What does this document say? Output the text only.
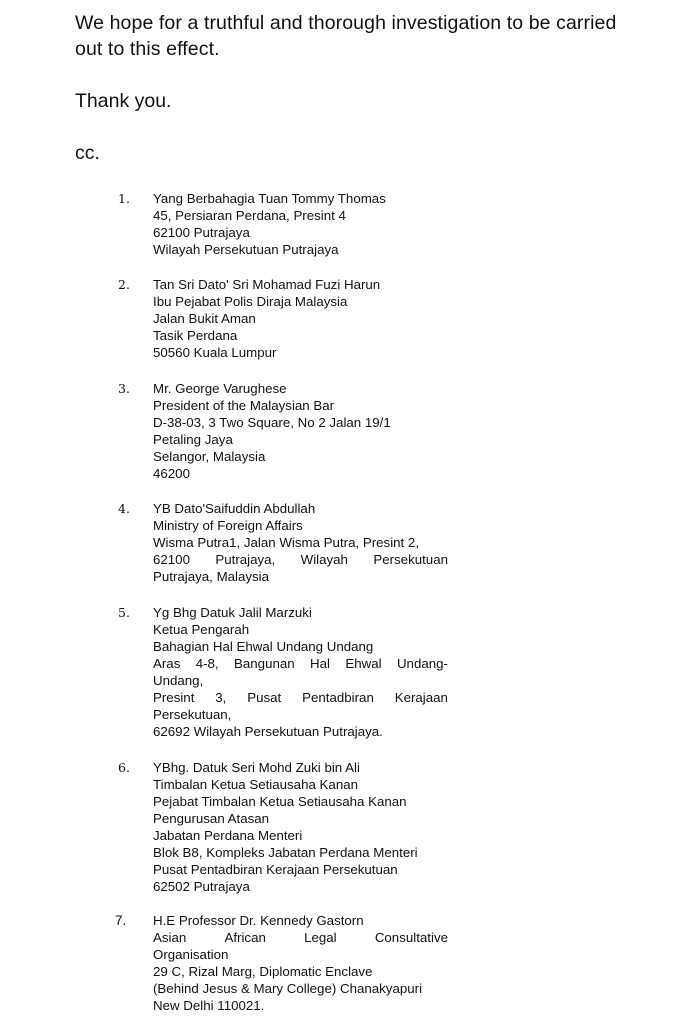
We hope for a truthful and thorough investigation to be carried out to this effect.

Thank you.

cc.

1. Yang Berbahagia Tuan Tommy Thomas
45, Persiaran Perdana, Presint 4
62100 Putrajaya
Wilayah Persekutuan Putrajaya
2. Tan Sri Dato' Sri Mohamad Fuzi Harun
Ibu Pejabat Polis Diraja Malaysia
Jalan Bukit Aman
Tasik Perdana
50560 Kuala Lumpur
3. Mr. George Varughese
President of the Malaysian Bar
D-38-03, 3 Two Square, No 2 Jalan 19/1
Petaling Jaya
Selangor, Malaysia
46200
4. YB Dato'Saifuddin Abdullah
Ministry of Foreign Affairs
Wisma Putra1, Jalan Wisma Putra, Presint 2,
62100 Putrajaya, Wilayah Persekutuan
Putrajaya, Malaysia
5. Yg Bhg Datuk Jalil Marzuki
Ketua Pengarah
Bahagian Hal Ehwal Undang Undang
Aras 4-8, Bangunan Hal Ehwal Undang-
Undang,
Presint 3, Pusat Pentadbiran Kerajaan
Persekutuan,
62692 Wilayah Persekutuan Putrajaya.
6. YBhg. Datuk Seri Mohd Zuki bin Ali
Timbalan Ketua Setiausaha Kanan
Pejabat Timbalan Ketua Setiausaha Kanan
Pengurusan Atasan
Jabatan Perdana Menteri
Blok B8, Kompleks Jabatan Perdana Menteri
Pusat Pentadbiran Kerajaan Persekutuan
62502 Putrajaya
7. H.E Professor Dr. Kennedy Gastorn
Asian	African	Legal	Consultative
Organisation
29 C, Rizal Marg, Diplomatic Enclave
(Behind Jesus & Mary College) Chanakyapuri
New Delhi 110021.
